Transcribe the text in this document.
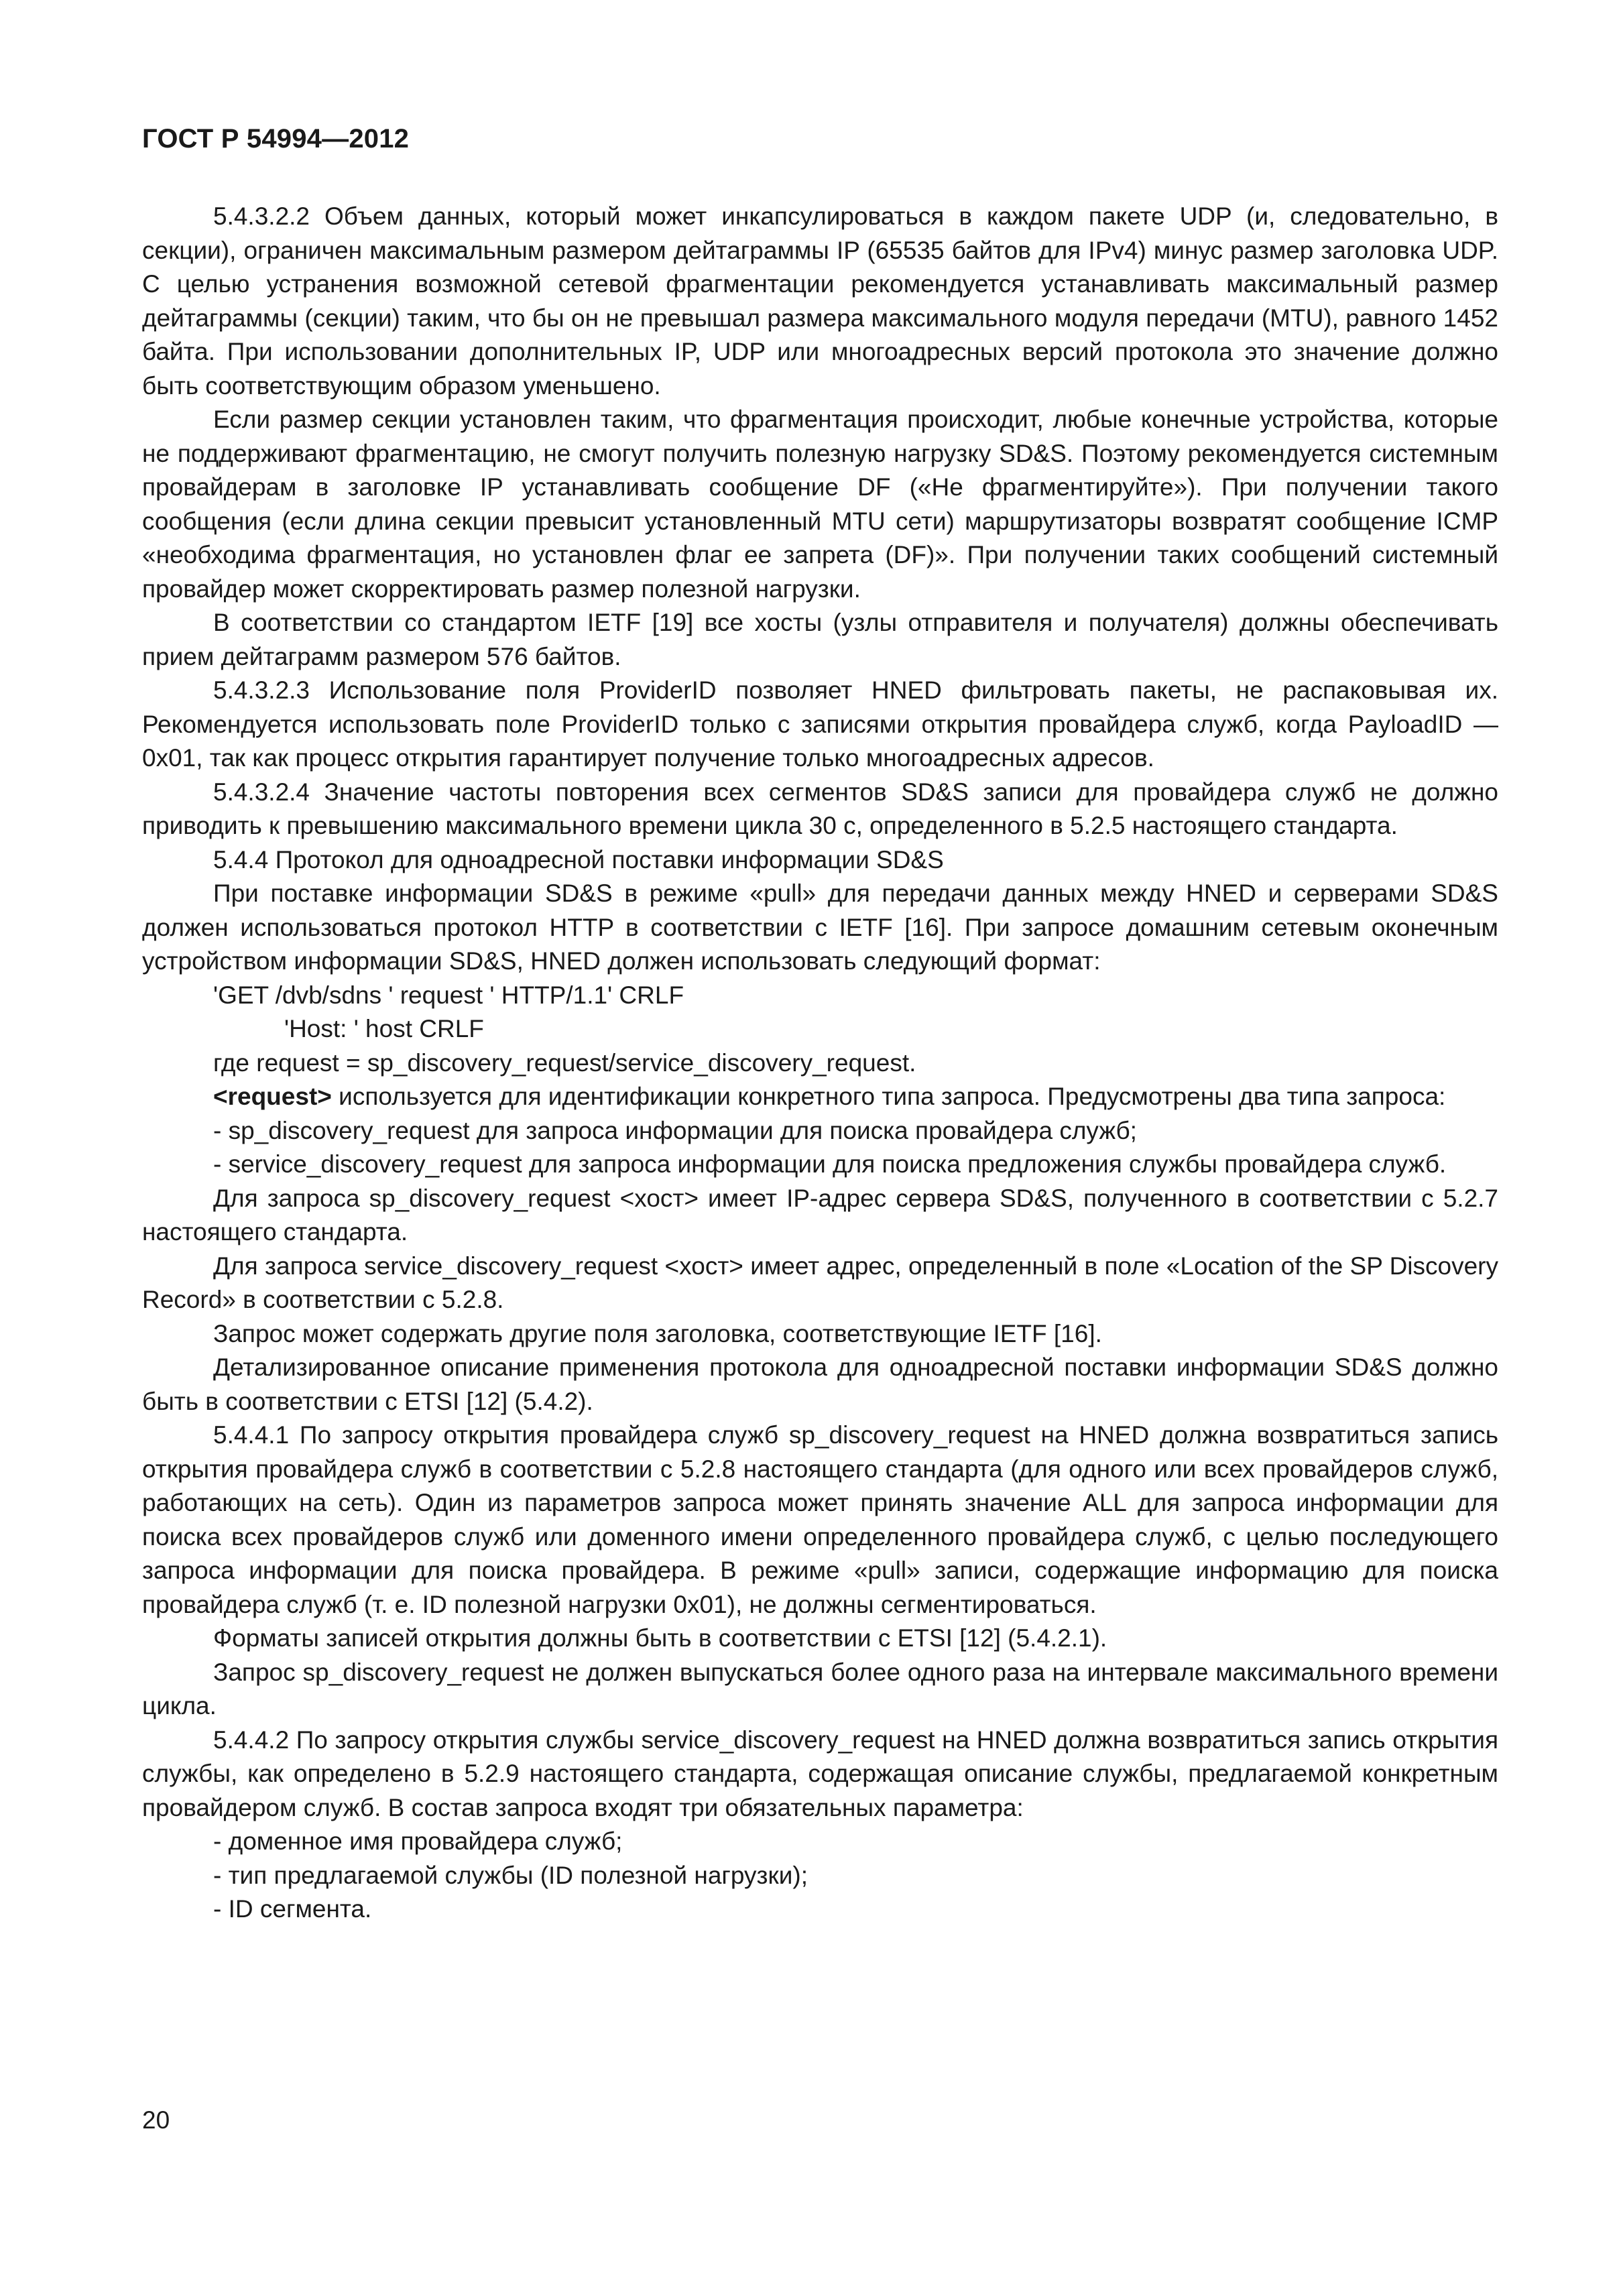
ГОСТ Р 54994—2012

5.4.3.2.2 Объем данных, который может инкапсулироваться в каждом пакете UDP (и, следовательно, в секции), ограничен максимальным размером дейтаграммы IP (65535 байтов для IPv4) минус размер заголовка UDP. С целью устранения возможной сетевой фрагментации рекомендуется устанавливать максимальный размер дейтаграммы (секции) таким, что бы он не превышал размера максимального модуля передачи (MTU), равного 1452 байта. При использовании дополнительных IP, UDP или многоадресных версий протокола это значение должно быть соответствующим образом уменьшено.

Если размер секции установлен таким, что фрагментация происходит, любые конечные устройства, которые не поддерживают фрагментацию, не смогут получить полезную нагрузку SD&S. Поэтому рекомендуется системным провайдерам в заголовке IP устанавливать сообщение DF («Не фрагментируйте»). При получении такого сообщения (если длина секции превысит установленный MTU сети) маршрутизаторы возвратят сообщение ICMP «необходима фрагментация, но установлен флаг ее запрета (DF)». При получении таких сообщений системный провайдер может скорректировать размер полезной нагрузки.

В соответствии со стандартом IETF [19] все хосты (узлы отправителя и получателя) должны обеспечивать прием дейтаграмм размером 576 байтов.

5.4.3.2.3 Использование поля ProviderID позволяет HNED фильтровать пакеты, не распаковывая их. Рекомендуется использовать поле ProviderID только с записями открытия провайдера служб, когда PayloadID — 0x01, так как процесс открытия гарантирует получение только многоадресных адресов.

5.4.3.2.4 Значение частоты повторения всех сегментов SD&S записи для провайдера служб не должно приводить к превышению максимального времени цикла 30 с, определенного в 5.2.5 настоящего стандарта.

5.4.4 Протокол для одноадресной поставки информации SD&S

При поставке информации SD&S в режиме «pull» для передачи данных между HNED и серверами SD&S должен использоваться протокол HTTP в соответствии с IETF [16]. При запросе домашним сетевым оконечным устройством информации SD&S, HNED должен использовать следующий формат:

ʹGET /dvb/sdns ʹ request ʹ HTTP/1.1ʹ CRLF

ʹHost: ʹ host CRLF

где request = sp_discovery_request/service_discovery_request.

<request> используется для идентификации конкретного типа запроса. Предусмотрены два типа запроса:

- sp_discovery_request для запроса информации для поиска провайдера служб;

- service_discovery_request для запроса информации для поиска предложения службы провайдера служб.

Для запроса sp_discovery_request <хост> имеет IP-адрес сервера SD&S, полученного в соответствии с 5.2.7 настоящего стандарта.

Для запроса service_discovery_request <хост> имеет адрес, определенный в поле «Location of the SP Discovery Record» в соответствии с 5.2.8.

Запрос может содержать другие поля заголовка, соответствующие IETF [16].

Детализированное описание применения протокола для одноадресной поставки информации SD&S должно быть в соответствии с ETSI [12] (5.4.2).

5.4.4.1 По запросу открытия провайдера служб sp_discovery_request на HNED должна возвратиться запись открытия провайдера служб в соответствии с 5.2.8 настоящего стандарта (для одного или всех провайдеров служб, работающих на сеть). Один из параметров запроса может принять значение ALL для запроса информации для поиска всех провайдеров служб или доменного имени определенного провайдера служб, с целью последующего запроса информации для поиска провайдера. В режиме «pull» записи, содержащие информацию для поиска провайдера служб (т. е. ID полезной нагрузки 0x01), не должны сегментироваться.

Форматы записей открытия должны быть в соответствии с ETSI [12] (5.4.2.1).

Запрос sp_discovery_request не должен выпускаться более одного раза на интервале максимального времени цикла.

5.4.4.2 По запросу открытия службы service_discovery_request на HNED должна возвратиться запись открытия службы, как определено в 5.2.9 настоящего стандарта, содержащая описание службы, предлагаемой конкретным провайдером служб. В состав запроса входят три обязательных параметра:

- доменное имя провайдера служб;

- тип предлагаемой службы (ID полезной нагрузки);

- ID сегмента.

20
